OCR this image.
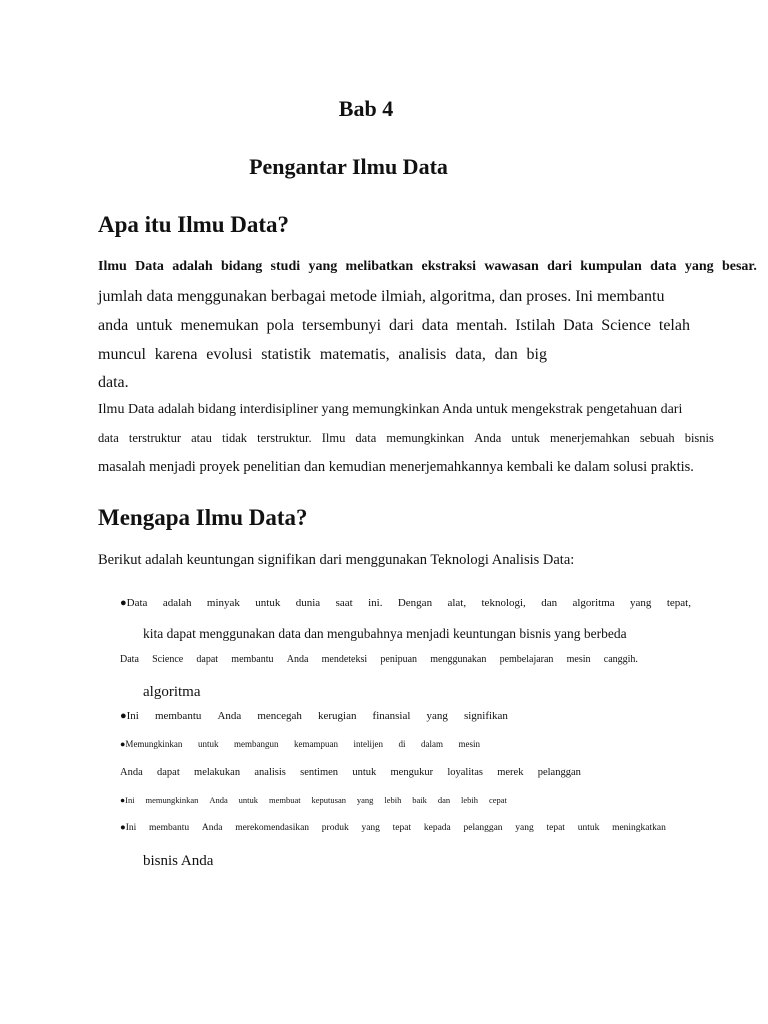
Bab 4
Pengantar Ilmu Data
Apa itu Ilmu Data?
Ilmu Data adalah bidang studi yang melibatkan ekstraksi wawasan dari kumpulan data yang besar.
jumlah data menggunakan berbagai metode ilmiah, algoritma, dan proses. Ini membantu
anda untuk menemukan pola tersembunyi dari data mentah. Istilah Data Science telah
muncul karena evolusi statistik matematis, analisis data, dan big
data.
Ilmu Data adalah bidang interdisipliner yang memungkinkan Anda untuk mengekstrak pengetahuan dari
data terstruktur atau tidak terstruktur. Ilmu data memungkinkan Anda untuk menerjemahkan sebuah bisnis
masalah menjadi proyek penelitian dan kemudian menerjemahkannya kembali ke dalam solusi praktis.
Mengapa Ilmu Data?
Berikut adalah keuntungan signifikan dari menggunakan Teknologi Analisis Data:
●Data adalah minyak untuk dunia saat ini. Dengan alat, teknologi, dan algoritma yang tepat,
kita dapat menggunakan data dan mengubahnya menjadi keuntungan bisnis yang berbeda
Data Science dapat membantu Anda mendeteksi penipuan menggunakan pembelajaran mesin canggih.
algoritma
●Ini membantu Anda mencegah kerugian finansial yang signifikan
●Memungkinkan untuk membangun kemampuan intelijen di dalam mesin
Anda dapat melakukan analisis sentimen untuk mengukur loyalitas merek pelanggan
●Ini memungkinkan Anda untuk membuat keputusan yang lebih baik dan lebih cepat
●Ini membantu Anda merekomendasikan produk yang tepat kepada pelanggan yang tepat untuk meningkatkan
bisnis Anda
